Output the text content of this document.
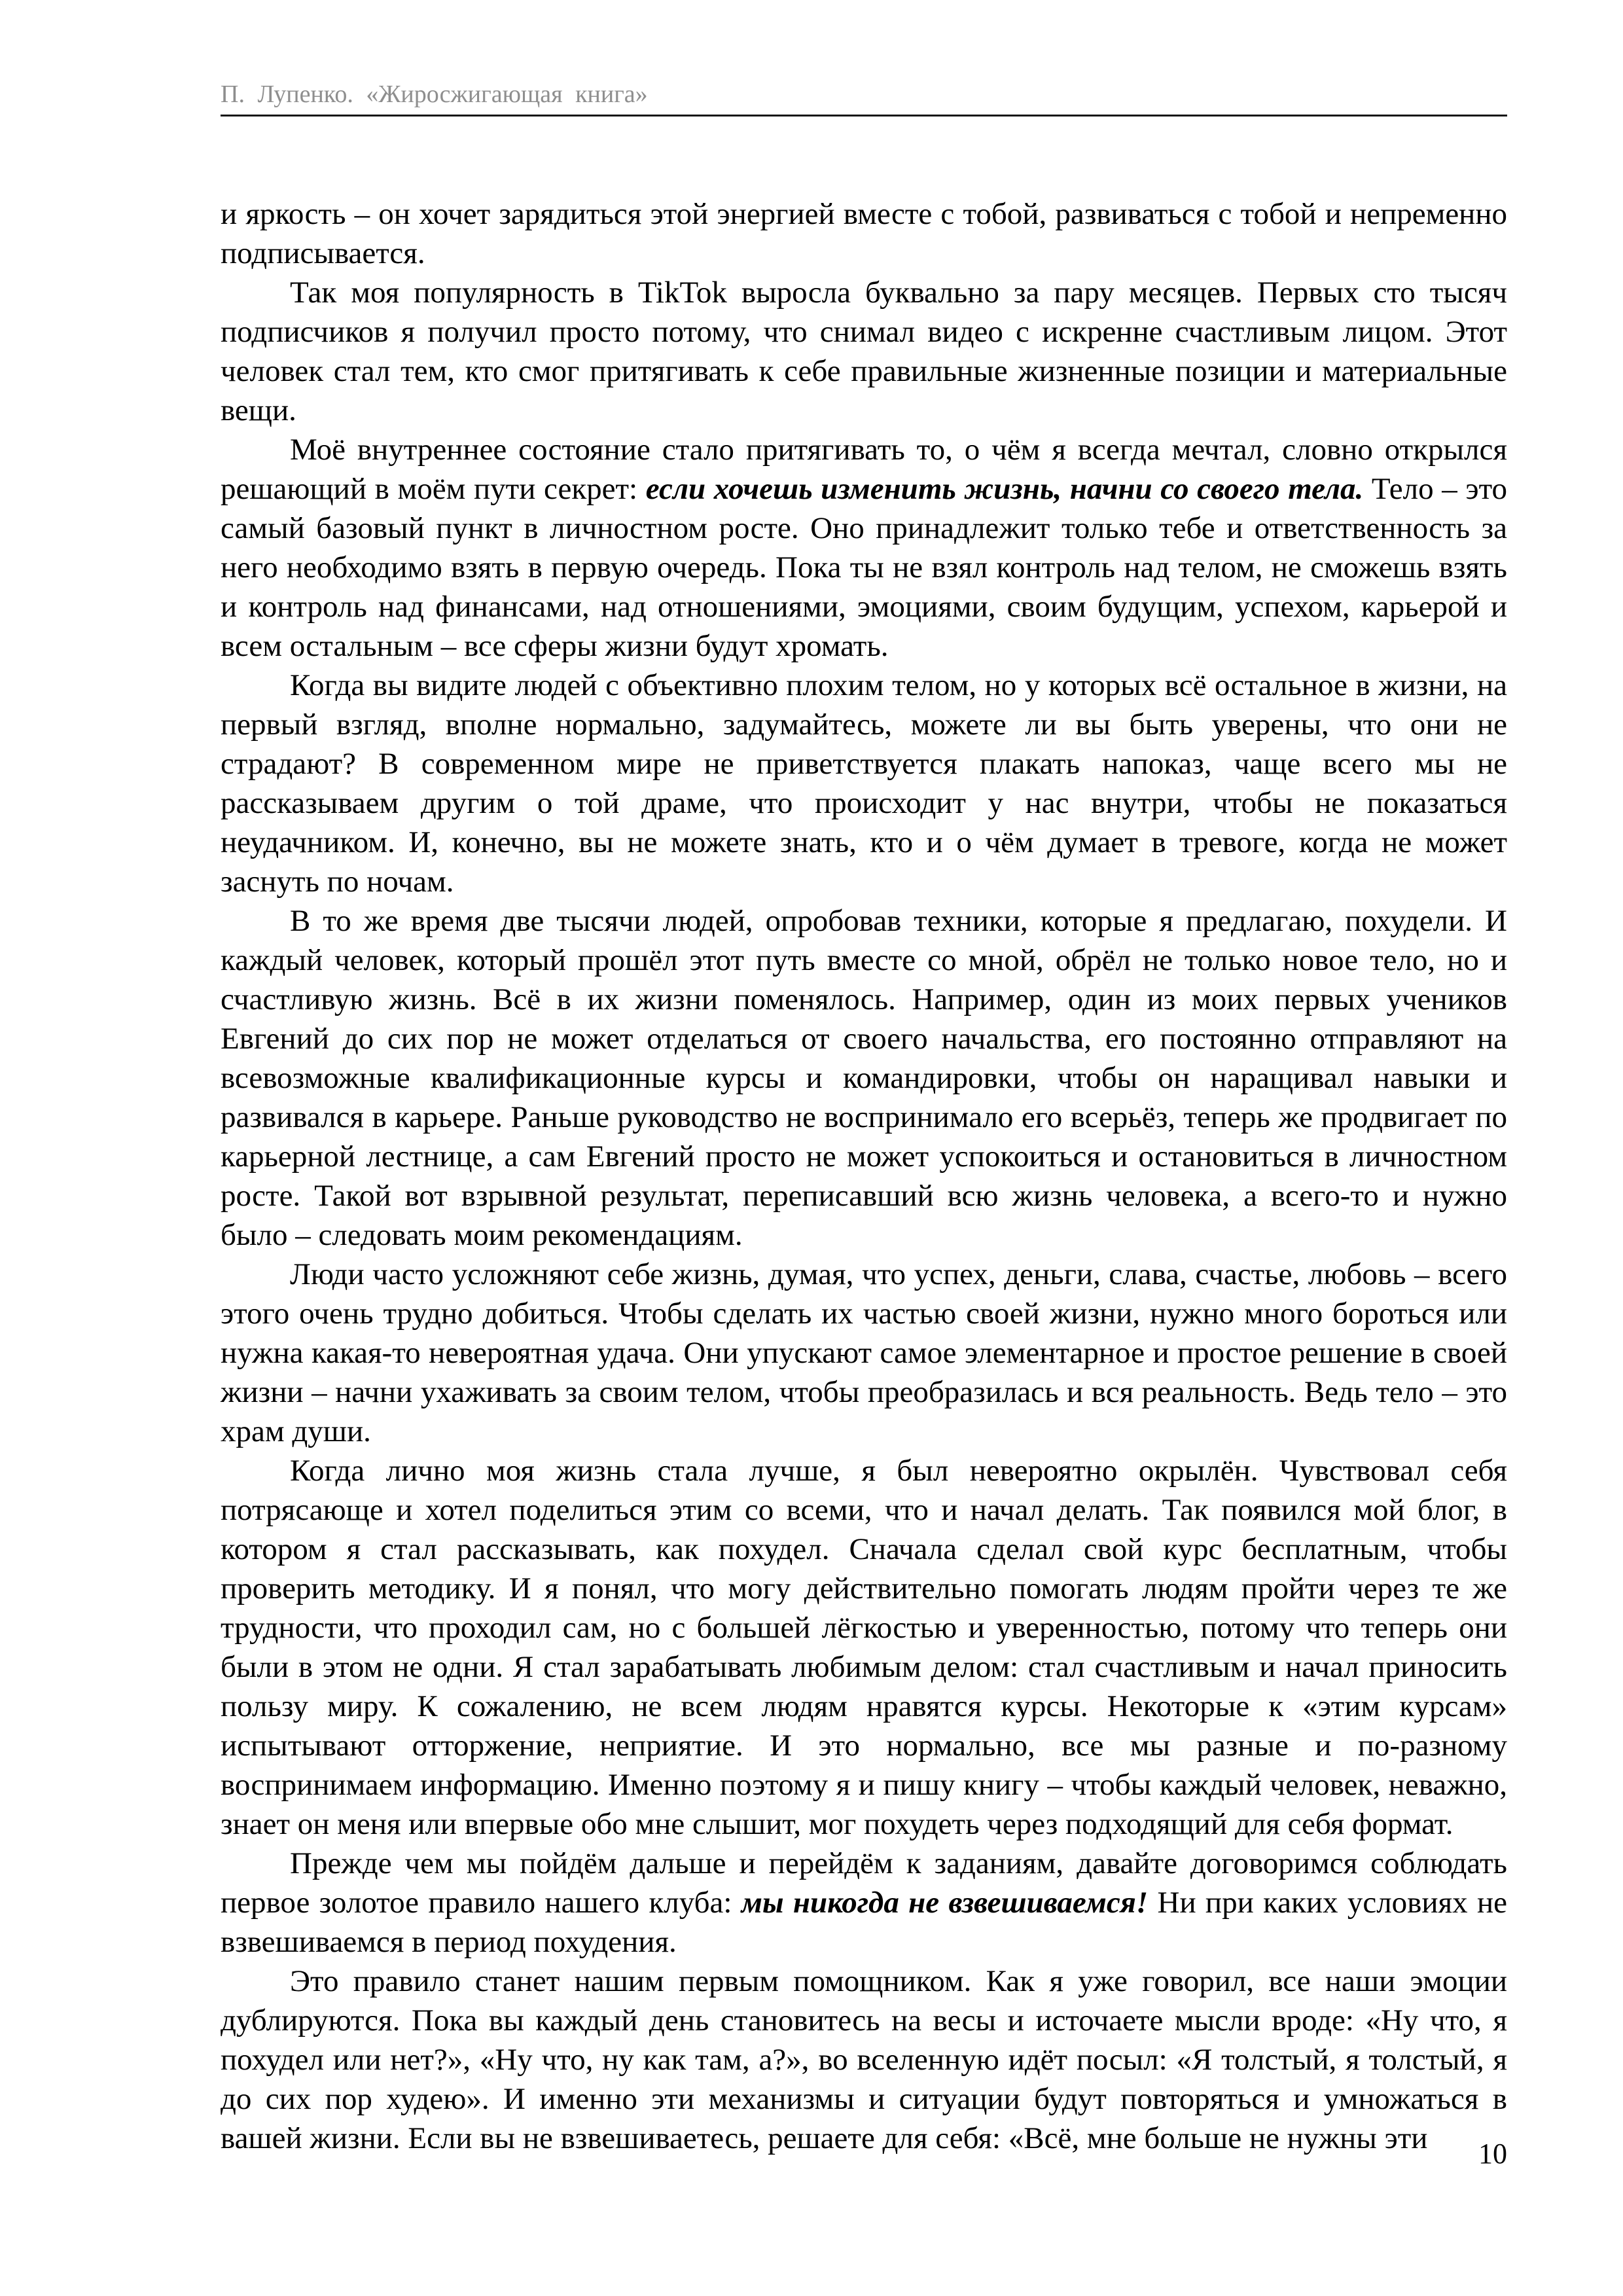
П. Лупенко. «Жиросжигающая книга»

и яркость – он хочет зарядиться этой энергией вместе с тобой, развиваться с тобой и непременно подписывается.

Так моя популярность в TikTok выросла буквально за пару месяцев. Первых сто тысяч подписчиков я получил просто потому, что снимал видео с искренне счастливым лицом. Этот человек стал тем, кто смог притягивать к себе правильные жизненные позиции и материальные вещи.

Моё внутреннее состояние стало притягивать то, о чём я всегда мечтал, словно открылся решающий в моём пути секрет: если хочешь изменить жизнь, начни со своего тела. Тело – это самый базовый пункт в личностном росте. Оно принадлежит только тебе и ответственность за него необходимо взять в первую очередь. Пока ты не взял контроль над телом, не сможешь взять и контроль над финансами, над отношениями, эмоциями, своим будущим, успехом, карьерой и всем остальным – все сферы жизни будут хромать.

Когда вы видите людей с объективно плохим телом, но у которых всё остальное в жизни, на первый взгляд, вполне нормально, задумайтесь, можете ли вы быть уверены, что они не страдают? В современном мире не приветствуется плакать напоказ, чаще всего мы не рассказываем другим о той драме, что происходит у нас внутри, чтобы не показаться неудачником. И, конечно, вы не можете знать, кто и о чём думает в тревоге, когда не может заснуть по ночам.

В то же время две тысячи людей, опробовав техники, которые я предлагаю, похудели. И каждый человек, который прошёл этот путь вместе со мной, обрёл не только новое тело, но и счастливую жизнь. Всё в их жизни поменялось. Например, один из моих первых учеников Евгений до сих пор не может отделаться от своего начальства, его постоянно отправляют на всевозможные квалификационные курсы и командировки, чтобы он наращивал навыки и развивался в карьере. Раньше руководство не воспринимало его всерьёз, теперь же продвигает по карьерной лестнице, а сам Евгений просто не может успокоиться и остановиться в личностном росте. Такой вот взрывной результат, переписавший всю жизнь человека, а всего-то и нужно было – следовать моим рекомендациям.

Люди часто усложняют себе жизнь, думая, что успех, деньги, слава, счастье, любовь – всего этого очень трудно добиться. Чтобы сделать их частью своей жизни, нужно много бороться или нужна какая-то невероятная удача. Они упускают самое элементарное и простое решение в своей жизни – начни ухаживать за своим телом, чтобы преобразилась и вся реальность. Ведь тело – это храм души.

Когда лично моя жизнь стала лучше, я был невероятно окрылён. Чувствовал себя потрясающе и хотел поделиться этим со всеми, что и начал делать. Так появился мой блог, в котором я стал рассказывать, как похудел. Сначала сделал свой курс бесплатным, чтобы проверить методику. И я понял, что могу действительно помогать людям пройти через те же трудности, что проходил сам, но с большей лёгкостью и уверенностью, потому что теперь они были в этом не одни. Я стал зарабатывать любимым делом: стал счастливым и начал приносить пользу миру. К сожалению, не всем людям нравятся курсы. Некоторые к «этим курсам» испытывают отторжение, неприятие. И это нормально, все мы разные и по-разному воспринимаем информацию. Именно поэтому я и пишу книгу – чтобы каждый человек, неважно, знает он меня или впервые обо мне слышит, мог похудеть через подходящий для себя формат.

Прежде чем мы пойдём дальше и перейдём к заданиям, давайте договоримся соблюдать первое золотое правило нашего клуба: мы никогда не взвешиваемся! Ни при каких условиях не взвешиваемся в период похудения.

Это правило станет нашим первым помощником. Как я уже говорил, все наши эмоции дублируются. Пока вы каждый день становитесь на весы и источаете мысли вроде: «Ну что, я похудел или нет?», «Ну что, ну как там, а?», во вселенную идёт посыл: «Я толстый, я толстый, я до сих пор худею». И именно эти механизмы и ситуации будут повторяться и умножаться в вашей жизни. Если вы не взвешиваетесь, решаете для себя: «Всё, мне больше не нужны эти	10
